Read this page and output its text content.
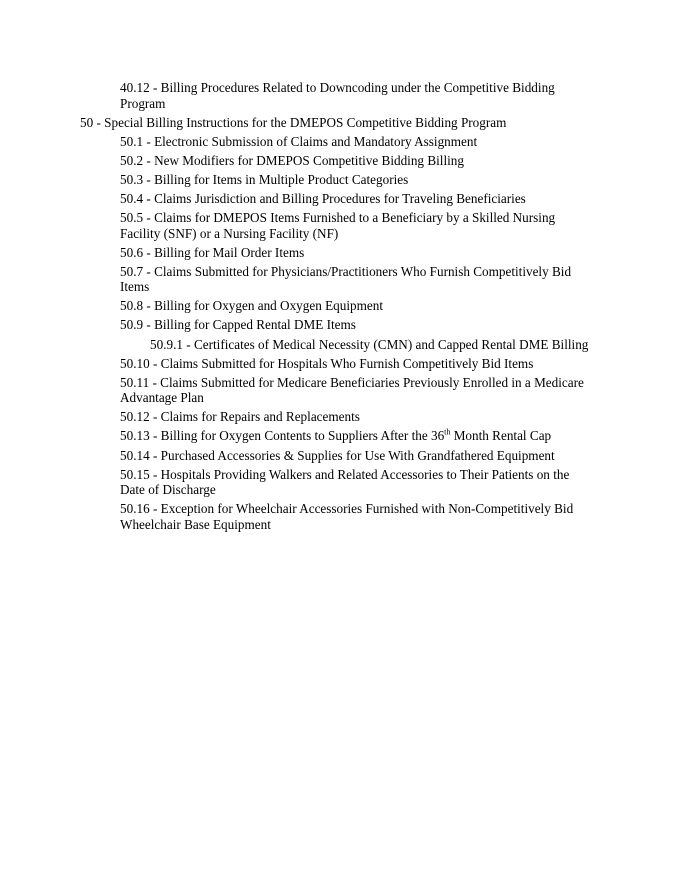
40.12 - Billing Procedures Related to Downcoding under the Competitive Bidding Program
50 - Special Billing Instructions for the DMEPOS Competitive Bidding Program
50.1 - Electronic Submission of Claims and Mandatory Assignment
50.2 - New Modifiers for DMEPOS Competitive Bidding Billing
50.3 - Billing for Items in Multiple Product Categories
50.4 - Claims Jurisdiction and Billing Procedures for Traveling Beneficiaries
50.5 - Claims for DMEPOS Items Furnished to a Beneficiary by a Skilled Nursing Facility (SNF) or a Nursing Facility (NF)
50.6 - Billing for Mail Order Items
50.7 - Claims Submitted for Physicians/Practitioners Who Furnish Competitively Bid Items
50.8 - Billing for Oxygen and Oxygen Equipment
50.9 - Billing for Capped Rental DME Items
50.9.1 - Certificates of Medical Necessity (CMN) and Capped Rental DME Billing
50.10 - Claims Submitted for Hospitals Who Furnish Competitively Bid Items
50.11 - Claims Submitted for Medicare Beneficiaries Previously Enrolled in a Medicare Advantage Plan
50.12 - Claims for Repairs and Replacements
50.13 - Billing for Oxygen Contents to Suppliers After the 36th Month Rental Cap
50.14 - Purchased Accessories & Supplies for Use With Grandfathered Equipment
50.15 - Hospitals Providing Walkers and Related Accessories to Their Patients on the Date of Discharge
50.16 - Exception for Wheelchair Accessories Furnished with Non-Competitively Bid Wheelchair Base Equipment
